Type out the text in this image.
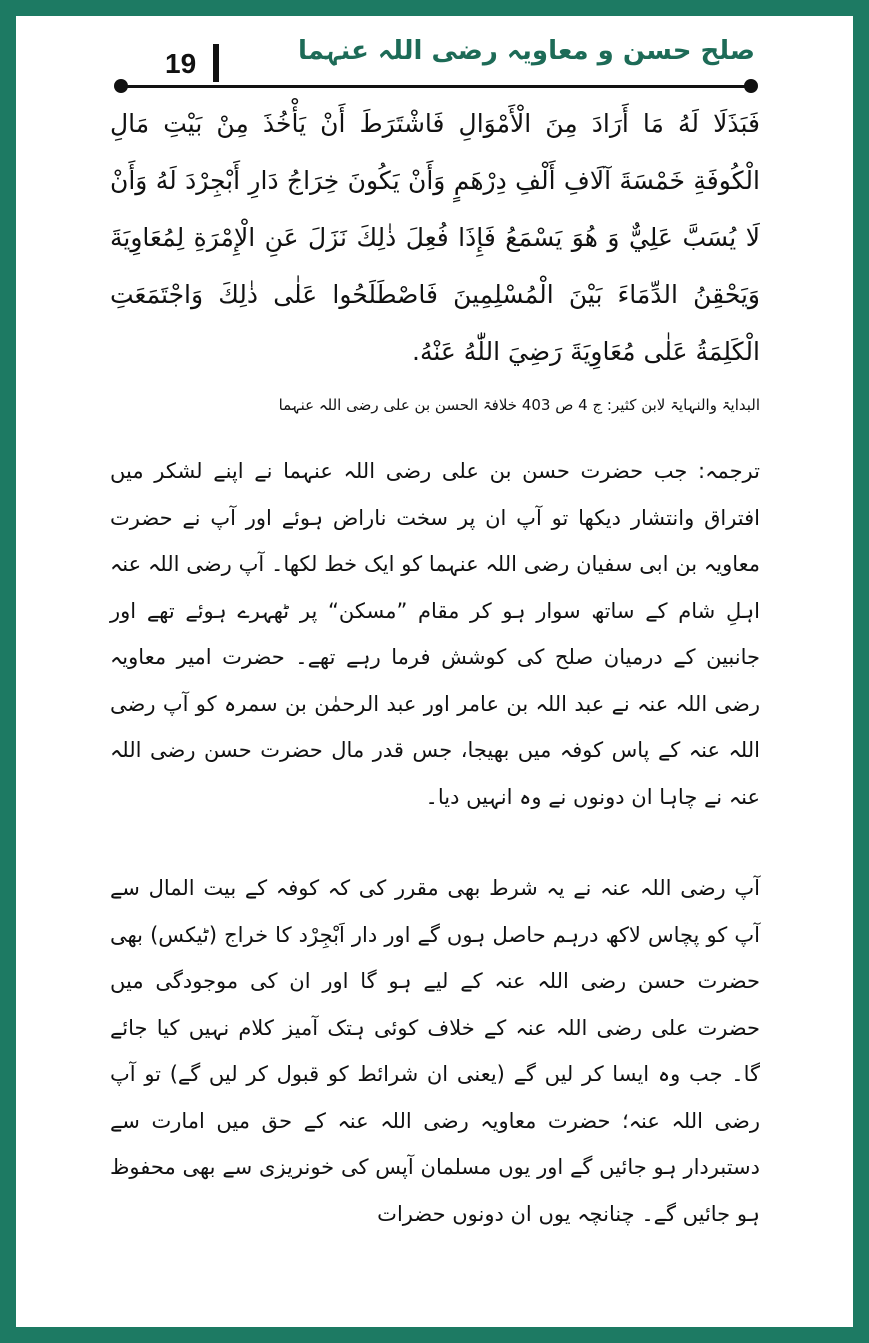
19	صلح حسن و معاویہ رضی اللہ عنہما
فَبَذَلَا لَهُ مَا أَرَادَ مِنَ الْأَمْوَالِ فَاشْتَرَطَ أَنْ يَأْخُذَ مِنْ بَيْتِ مَالِ الْكُوفَةِ خَمْسَةَ آلَافِ أَلْفِ دِرْهَمٍ وَأَنْ يَكُونَ خِرَاجُ دَارِ أَبْجِرْدَ لَهُ وَأَنْ لَا يُسَبَّ عَلِيٌّ وَ هُوَ يَسْمَعُ فَإِذَا فُعِلَ ذٰلِكَ نَزَلَ عَنِ الْإِمْرَةِ لِمُعَاوِيَةَ وَيَحْقِنُ الدِّمَاءَ بَيْنَ الْمُسْلِمِينَ فَاصْطَلَحُوا عَلٰى ذٰلِكَ وَاجْتَمَعَتِ الْكَلِمَةُ عَلٰى مُعَاوِيَةَ رَضِيَ اللّٰهُ عَنْهُ.
البدایۃ والنہایۃ لابن کثیر: ج 4 ص 403 خلافۃ الحسن بن علی رضی اللہ عنہما
ترجمہ: جب حضرت حسن بن علی رضی اللہ عنہما نے اپنے لشکر میں افتراق وانتشار دیکھا تو آپ ان پر سخت ناراض ہوئے اور آپ نے حضرت معاویہ بن ابی سفیان رضی اللہ عنہما کو ایک خط لکھا۔ آپ رضی اللہ عنہ اہلِ شام کے ساتھ سوار ہو کر مقام ”مسکن“ پر ٹھہرے ہوئے تھے اور جانبین کے درمیان صلح کی کوشش فرما رہے تھے۔ حضرت امیر معاویہ رضی اللہ عنہ نے عبد اللہ بن عامر اور عبد الرحمٰن بن سمرہ کو آپ رضی اللہ عنہ کے پاس کوفہ میں بھیجا، جس قدر مال حضرت حسن رضی اللہ عنہ نے چاہا ان دونوں نے وہ انہیں دیا۔
آپ رضی اللہ عنہ نے یہ شرط بھی مقرر کی کہ کوفہ کے بیت المال سے آپ کو پچاس لاکھ درہم حاصل ہوں گے اور دار اَبْجِرْد کا خراج (ٹیکس) بھی حضرت حسن رضی اللہ عنہ کے لیے ہو گا اور ان کی موجودگی میں حضرت علی رضی اللہ عنہ کے خلاف کوئی ہتک آمیز کلام نہیں کیا جائے گا۔ جب وہ ایسا کر لیں گے (یعنی ان شرائط کو قبول کر لیں گے) تو آپ رضی اللہ عنہ؛ حضرت معاویہ رضی اللہ عنہ کے حق میں امارت سے دستبردار ہو جائیں گے اور یوں مسلمان آپس کی خونریزی سے بھی محفوظ ہو جائیں گے۔ چنانچہ یوں ان دونوں حضرات
